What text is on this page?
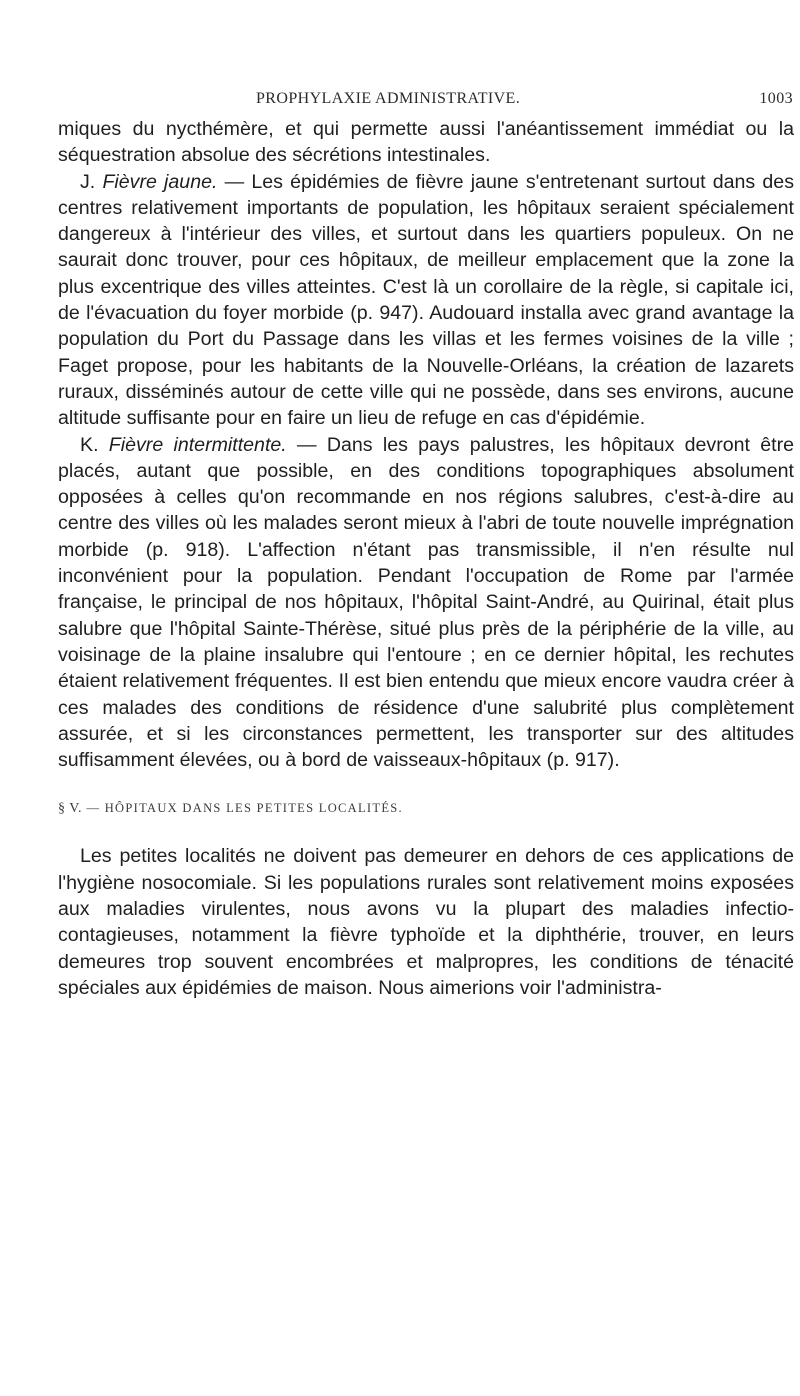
PROPHYLAXIE ADMINISTRATIVE.	1003

miques du nycthémère, et qui permette aussi l'anéantissement immédiat ou la séquestration absolue des sécrétions intestinales.

J. Fièvre jaune. — Les épidémies de fièvre jaune s'entretenant surtout dans des centres relativement importants de population, les hôpitaux seraient spécialement dangereux à l'intérieur des villes, et surtout dans les quartiers populeux. On ne saurait donc trouver, pour ces hôpitaux, de meilleur emplacement que la zone la plus excentrique des villes atteintes. C'est là un corollaire de la règle, si capitale ici, de l'évacuation du foyer morbide (p. 947). Audouard installa avec grand avantage la population du Port du Passage dans les villas et les fermes voisines de la ville ; Faget propose, pour les habitants de la Nouvelle-Orléans, la création de lazarets ruraux, disséminés autour de cette ville qui ne possède, dans ses environs, aucune altitude suffisante pour en faire un lieu de refuge en cas d'épidémie.

K. Fièvre intermittente. — Dans les pays palustres, les hôpitaux devront être placés, autant que possible, en des conditions topographiques absolument opposées à celles qu'on recommande en nos régions salubres, c'est-à-dire au centre des villes où les malades seront mieux à l'abri de toute nouvelle imprégnation morbide (p. 918). L'affection n'étant pas transmissible, il n'en résulte nul inconvénient pour la population. Pendant l'occupation de Rome par l'armée française, le principal de nos hôpitaux, l'hôpital Saint-André, au Quirinal, était plus salubre que l'hôpital Sainte-Thérèse, situé plus près de la périphérie de la ville, au voisinage de la plaine insalubre qui l'entoure ; en ce dernier hôpital, les rechutes étaient relativement fréquentes. Il est bien entendu que mieux encore vaudra créer à ces malades des conditions de résidence d'une salubrité plus complètement assurée, et si les circonstances permettent, les transporter sur des altitudes suffisamment élevées, ou à bord de vaisseaux-hôpitaux (p. 917).

§ V. — HÔPITAUX DANS LES PETITES LOCALITÉS.

Les petites localités ne doivent pas demeurer en dehors de ces applications de l'hygiène nosocomiale. Si les populations rurales sont relativement moins exposées aux maladies virulentes, nous avons vu la plupart des maladies infectio-contagieuses, notamment la fièvre typhoïde et la diphthérie, trouver, en leurs demeures trop souvent encombrées et malpropres, les conditions de ténacité spéciales aux épidémies de maison. Nous aimerions voir l'administra-
